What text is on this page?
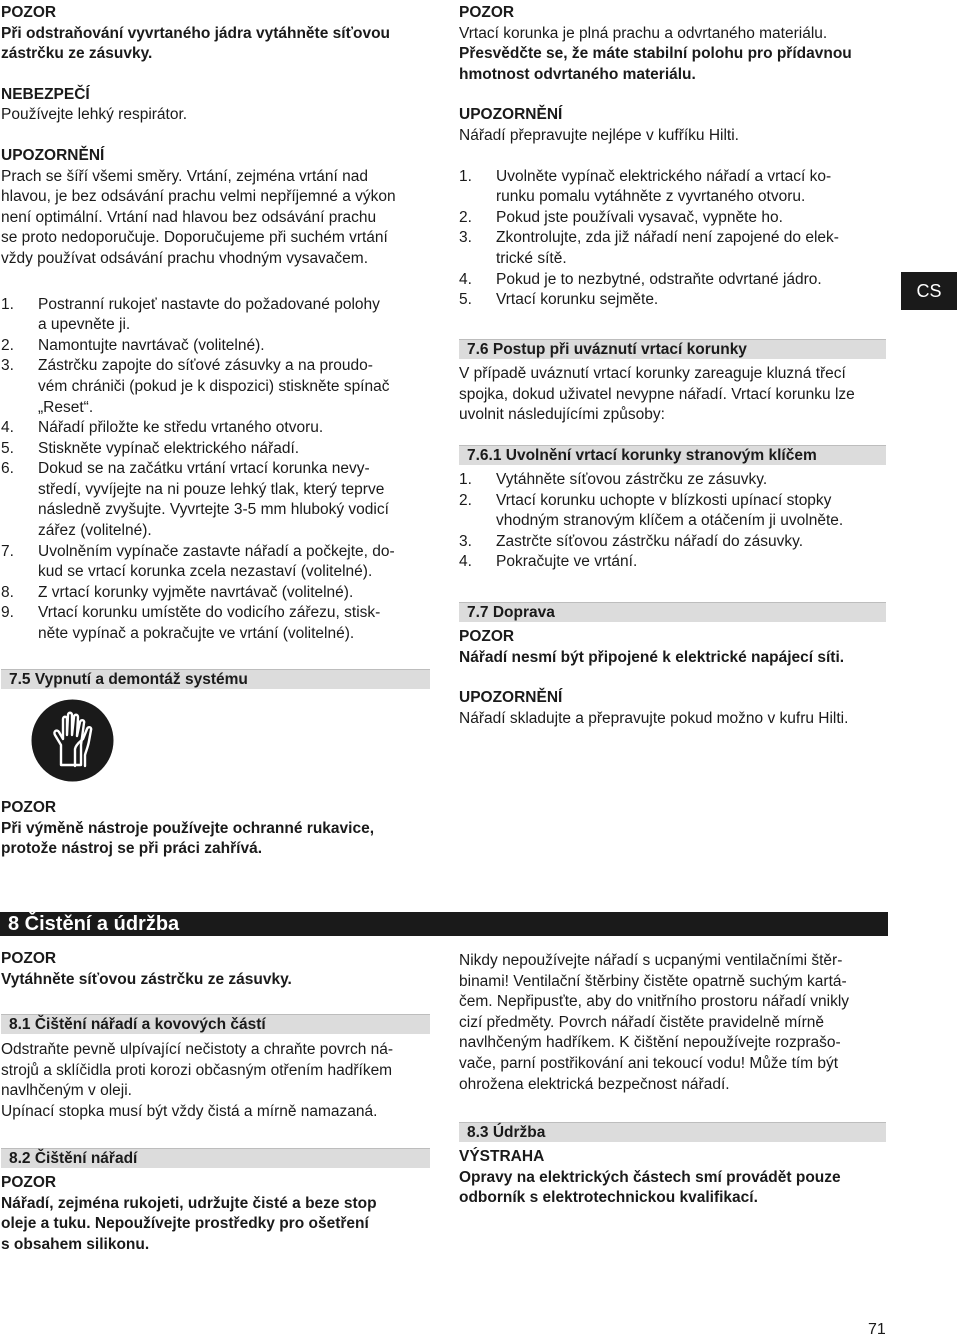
POZOR
Při odstraňování vyvrtaného jádra vytáhněte síťovou
zástrčku ze zásuvky.
NEBEZPEČÍ
Používejte lehký respirátor.
UPOZORNĚNÍ
Prach se šíří všemi směry. Vrtání, zejména vrtání nad
hlavou, je bez odsávání prachu velmi nepříjemné a výkon
není optimální. Vrtání nad hlavou bez odsávání prachu
se proto nedoporučuje. Doporučujeme při suchém vrtání
vždy používat odsávání prachu vhodným vysavačem.
1.	Postranní rukojeť nastavte do požadované polohy
a upevněte ji.
2.	Namontujte navrtávač (volitelné).
3.	Zástrčku zapojte do síťové zásuvky a na proudo-
vém chrániči (pokud je k dispozici) stiskněte spínač
„Reset“.
4.	Nářadí přiložte ke středu vrtaného otvoru.
5.	Stiskněte vypínač elektrického nářadí.
6.	Dokud se na začátku vrtání vrtací korunka nevy-
středí, vyvíjejte na ni pouze lehký tlak, který teprve
následně zvyšujte. Vyvrtejte 3-5 mm hluboký vodicí
zářez (volitelné).
7.	Uvolněním vypínače zastavte nářadí a počkejte, do-
kud se vrtací korunka zcela nezastaví (volitelné).
8.	Z vrtací korunky vyjměte navrtávač (volitelné).
9.	Vrtací korunku umístěte do vodicího zářezu, stisk-
něte vypínač a pokračujte ve vrtání (volitelné).
7.5 Vypnutí a demontáž systému
POZOR
Při výměně nástroje používejte ochranné rukavice,
protože nástroj se při práci zahřívá.
POZOR
Vrtací korunka je plná prachu a odvrtaného materiálu.
Přesvědčte se, že máte stabilní polohu pro přídavnou
hmotnost odvrtaného materiálu.
UPOZORNĚNÍ
Nářadí přepravujte nejlépe v kufříku Hilti.
1.	Uvolněte vypínač elektrického nářadí a vrtací ko-
runku pomalu vytáhněte z vyvrtaného otvoru.
2.	Pokud jste používali vysavač, vypněte ho.
3.	Zkontrolujte, zda již nářadí není zapojené do elek-
trické sítě.
4.	Pokud je to nezbytné, odstraňte odvrtané jádro.
5.	Vrtací korunku sejměte.
7.6 Postup při uváznutí vrtací korunky
V případě uváznutí vrtací korunky zareaguje kluzná třecí
spojka, dokud uživatel nevypne nářadí. Vrtací korunku lze
uvolnit následujícími způsoby:
7.6.1 Uvolnění vrtací korunky stranovým klíčem
1.	Vytáhněte síťovou zástrčku ze zásuvky.
2.	Vrtací korunku uchopte v blízkosti upínací stopky
vhodným stranovým klíčem a otáčením ji uvolněte.
3.	Zastrčte síťovou zástrčku nářadí do zásuvky.
4.	Pokračujte ve vrtání.
7.7 Doprava
POZOR
Nářadí nesmí být připojené k elektrické napájecí síti.
UPOZORNĚNÍ
Nářadí skladujte a přepravujte pokud možno v kufru Hilti.
CS
8 Čistění a údržba
POZOR
Vytáhněte síťovou zástrčku ze zásuvky.
8.1 Čištění nářadí a kovových částí
Odstraňte pevně ulpívající nečistoty a chraňte povrch ná-
strojů a sklíčidla proti korozi občasným otřením hadříkem
navlhčeným v oleji.
Upínací stopka musí být vždy čistá a mírně namazaná.
8.2 Čištění nářadí
POZOR
Nářadí, zejména rukojeti, udržujte čisté a beze stop
oleje a tuku. Nepoužívejte prostředky pro ošetření
s obsahem silikonu.
Nikdy nepoužívejte nářadí s ucpanými ventilačními štěr-
binami! Ventilační štěrbiny čistěte opatrně suchým kartá-
čem. Nepřipusťte, aby do vnitřního prostoru nářadí vnikly
cizí předměty. Povrch nářadí čistěte pravidelně mírně
navlhčeným hadříkem. K čištění nepoužívejte rozprašo-
vače, parní postřikování ani tekoucí vodu! Může tím být
ohrožena elektrická bezpečnost nářadí.
8.3 Údržba
VÝSTRAHA
Opravy na elektrických částech smí provádět pouze
odborník s elektrotechnickou kvalifikací.
71
